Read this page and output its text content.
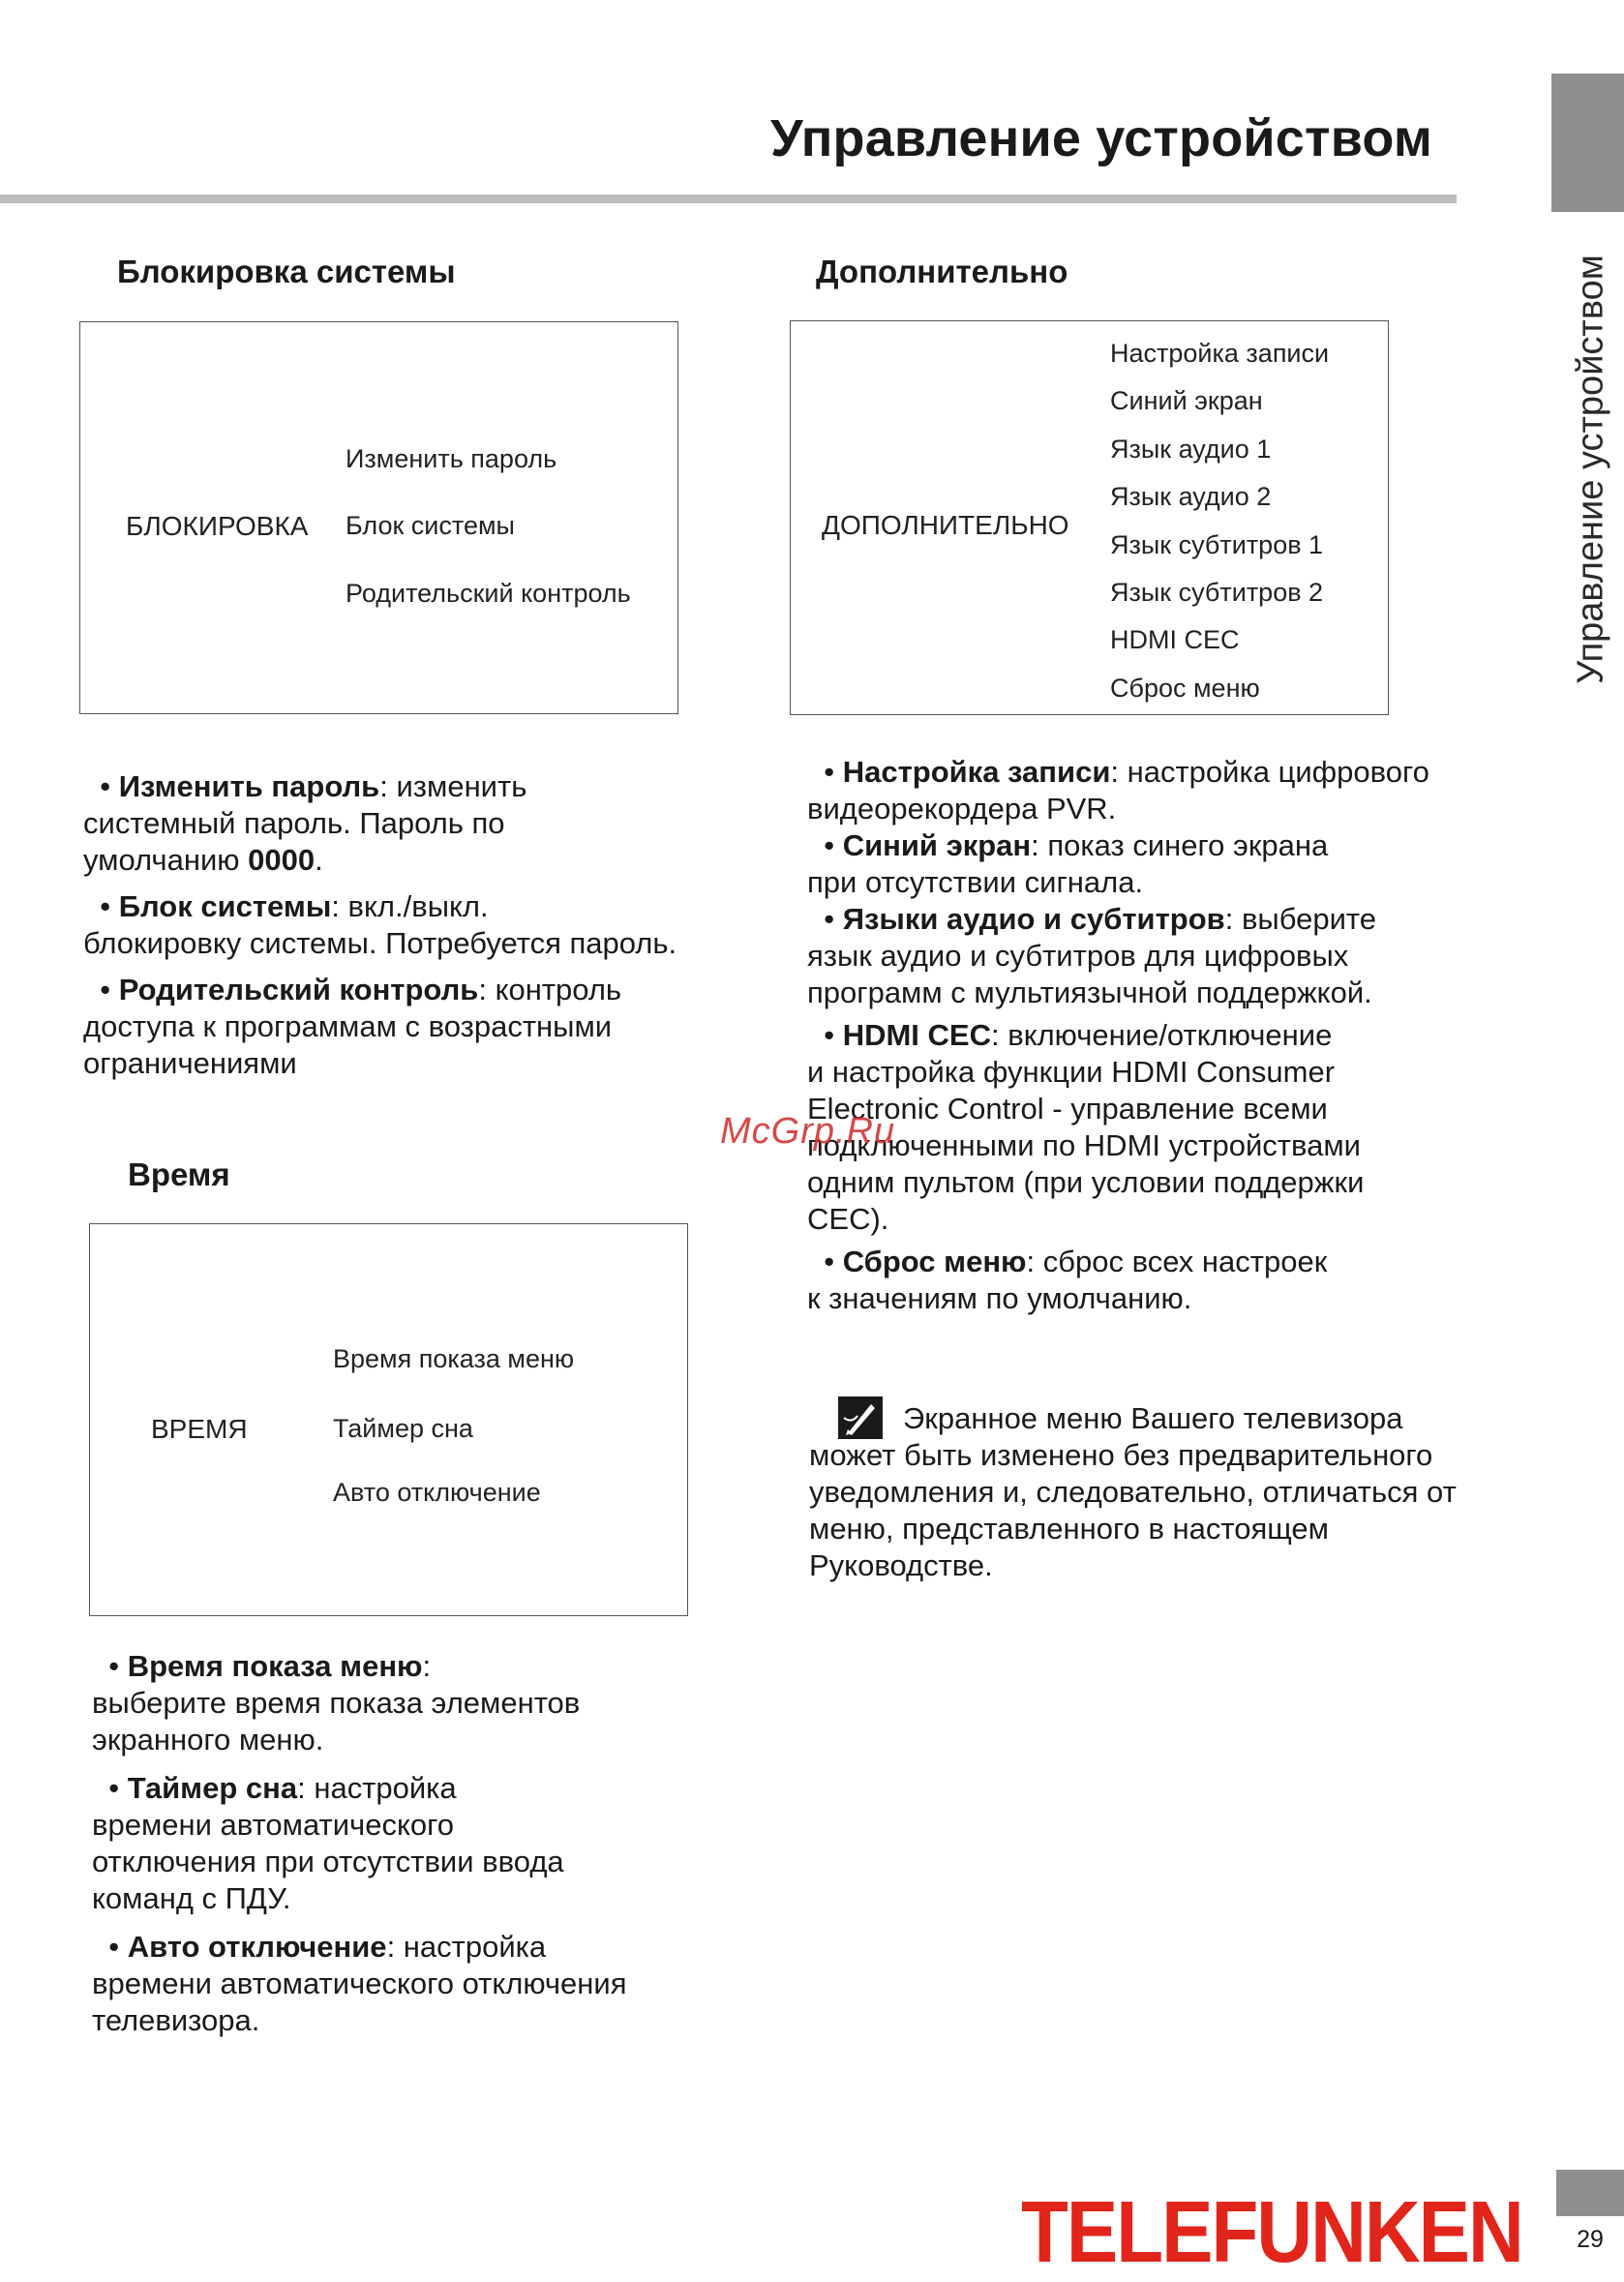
Управление устройством
Управление устройством
Блокировка системы
БЛОКИРОВКА
Изменить пароль
Блок системы
Родительский контроль

• Изменить пароль: изменить

системный пароль. Пароль по

умолчанию 0000.

• Блок системы: вкл./выкл.

блокировку системы. Потребуется пароль.

• Родительский контроль: контроль

доступа к программам с возрастными

ограничениями

Время
ВРЕМЯ
Время показа меню
Таймер сна
Авто отключение

• Время показа меню:

выберите время показа элементов

экранного меню.

• Таймер сна: настройка

времени автоматического

отключения при отсутствии ввода

команд с ПДУ.

• Авто отключение: настройка

времени автоматического отключения

телевизора.

Дополнительно
ДОПОЛНИТЕЛЬНО
Настройка записи
Синий экран
Язык аудио 1
Язык аудио 2
Язык субтитров 1
Язык субтитров 2
HDMI CEC
Сброс меню

• Настройка записи: настройка цифрового

видеорекордера PVR.

• Синий экран: показ синего экрана

при отсутствии сигнала.

• Языки аудио и субтитров: выберите

язык аудио и субтитров для цифровых

программ с мультиязычной поддержкой.

• HDMI CEC: включение/отключение

и настройка функции HDMI Consumer

Electronic Control - управление всеми

подключенными по HDMI устройствами

одним пультом (при условии поддержки

CEC).

• Сброс меню: сброс всех настроек

к значениям по умолчанию.

McGrp.Ru

Экранное меню Вашего телевизора

может быть изменено без предварительного

уведомления и, следовательно, отличаться от

меню, представленного в настоящем

Руководстве.

TELEFUNKEN	29
